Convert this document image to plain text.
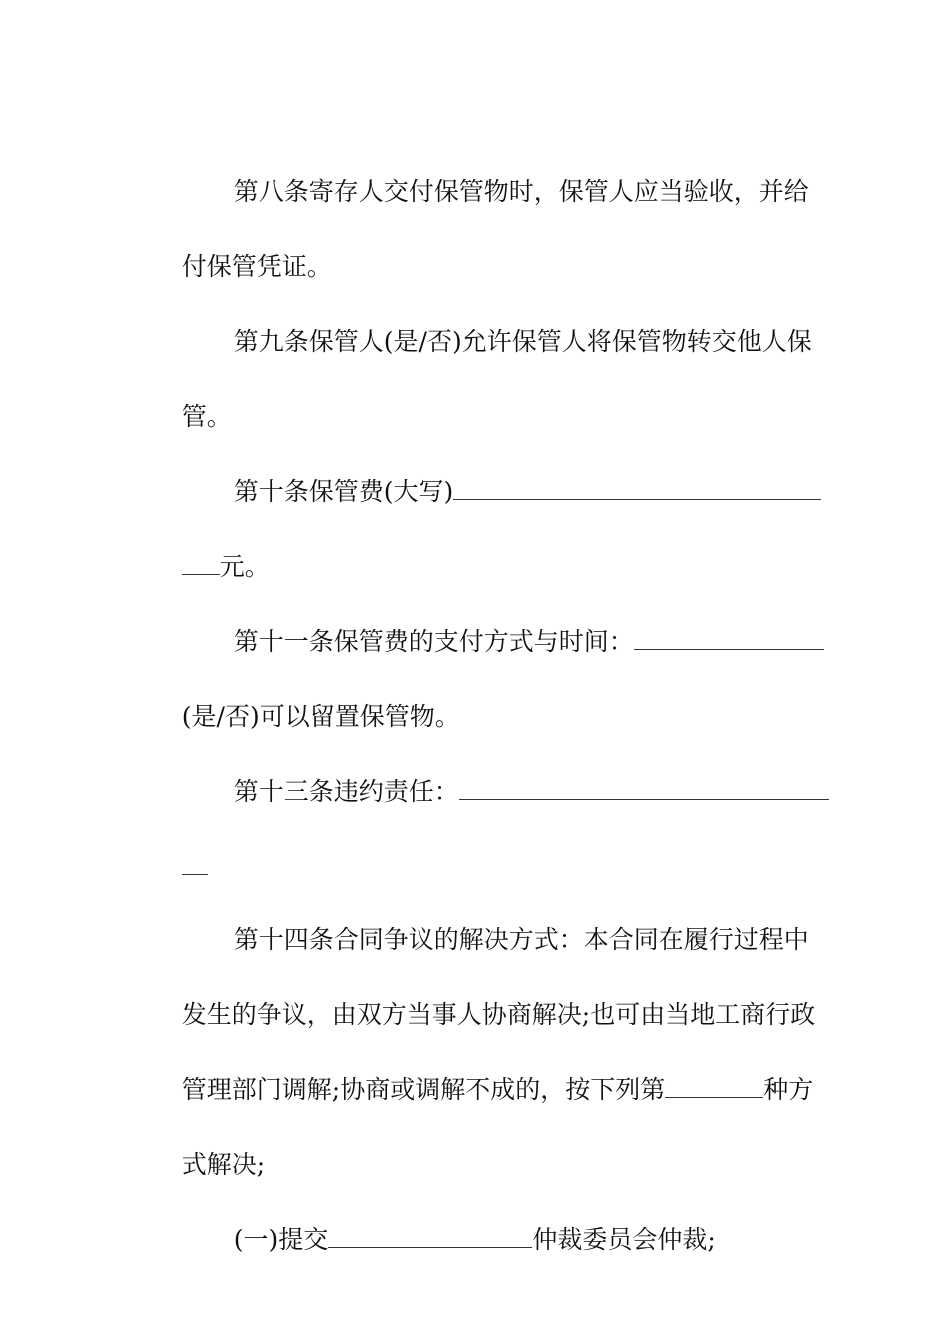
第八条寄存人交付保管物时，保管人应当验收，并给

付保管凭证。

第九条保管人(是/否)允许保管人将保管物转交他人保

管。

第十条保管费(大写)

元。

第十一条保管费的支付方式与时间：

(是/否)可以留置保管物。

第十三条违约责任：

第十四条合同争议的解决方式：本合同在履行过程中

发生的争议，由双方当事人协商解决;也可由当地工商行政

管理部门调解;协商或调解不成的，按下列第	种方

式解决;

(一)提交	仲裁委员会仲裁;
